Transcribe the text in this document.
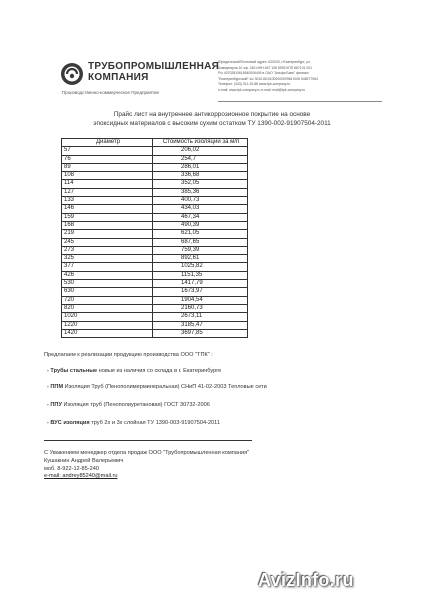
ТРУБОПРОМЫШЛЕННАЯ
КОМПАНИЯ
Производственно-коммерческое Предприятие
Юридический/Почтовый адрес: 620033, г.Екатеринбург, ул.
Коммунаров 10 оф. 452 ИНН 667 108 5939 КПП 667101 001
Р/с 40702810616540006445 в ОАО "Альфа Банк" филиал
"Екатеринбургский" к/с 30101810100000000964 БИК 046577964
Телефон: (343) 311-19-88 www.tpk-company.ru
e-mail: www.tpk-company.ru e-mail: mail@tpk-company.ru
Прайс лист на внутреннее антикоррозионное покрытие на основе
эпоксидных материалов с высоким сухим остатком ТУ 1390-002-91907504-2011
Диаметр	Стоимость изоляции за м/п
57	206,02
76	254,7
89	286,01
108	336,68
114	352,05
127	385,36
133	400,73
146	434,03
159	467,34
168	490,39
219	621,05
245	687,65
273	759,39
325	892,61
377	1025,82
426	1151,35
530	1417,79
630	1673,97
720	1904,54
820	2160,73
1020	2673,11
1220	3185,47
1420	3697,85
Предлагаем к реализации продукцию производства ООО "ТПК" :
- Трубы стальные новые из наличия со склада в г. Екатеринбурге
- ППМ Изоляция Труб (Пенополимерминеральная) СНиП 41-02-2003 Тепловые сети
- ППУ Изоляция труб (Пенополиуретановая) ГОСТ 30732-2006
- ВУС изоляция труб 2х и 3х слойная ТУ 1390-003-91907504-2011
С Уважением менеджер отдела продаж ООО "Трубопромышленная компания"
Кушакнин Андрей Валерьевич
моб. 8-922-12-85-240
e-mail: andrey85240@mail.ru
AvizInfo.ru
